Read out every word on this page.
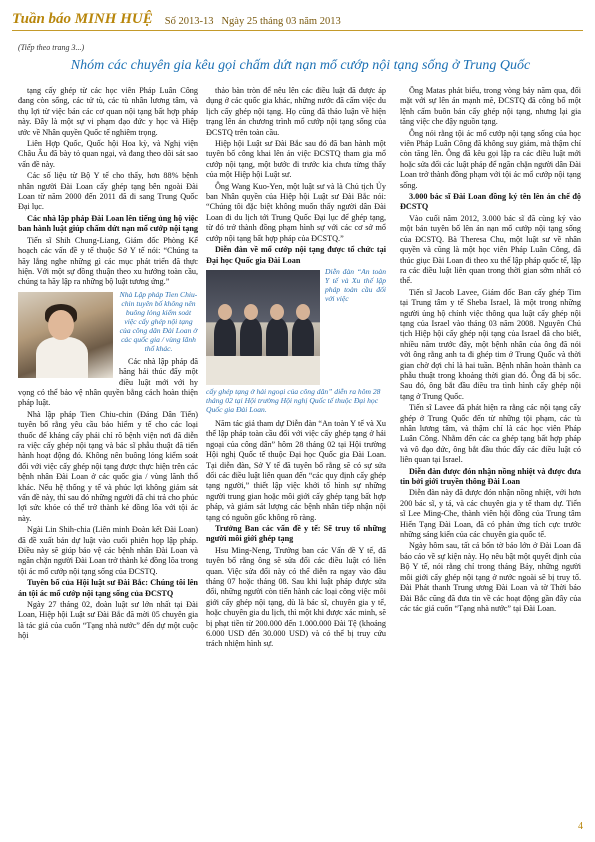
Tuần báo MINH HUỆ Số 2013-13 Ngày 25 tháng 03 năm 2013
(Tiếp theo trang 3...)
Nhóm các chuyên gia kêu gọi chấm dứt nạn mổ cướp nội tạng sống ở Trung Quốc

tạng cấy ghép từ các học viên Pháp Luân Công đang còn sống, các tử tù, các tù nhân lương tâm, và thụ lợi từ việc bán các cơ quan nội tạng bất hợp pháp này. Đây là một sự vi phạm đạo đức y học và Hiệp ước về Nhân quyền Quốc tế nghiêm trọng.

Liên Hợp Quốc, Quốc hội Hoa kỳ, và Nghị viện Châu Âu đã bày tỏ quan ngại, và đang theo dõi sát sao vấn đề này.

Các số liệu từ Bộ Y tế cho thấy, hơn 88% bệnh nhân người Đài Loan cấy ghép tạng bên ngoài Đài Loan từ năm 2000 đến 2011 đã đi sang Trung Quốc Đại lục.

Các nhà lập pháp Đài Loan lên tiếng ủng hộ việc ban hành luật giúp chấm dứt nạn mổ cướp nội tạng

Tiến sĩ Shih Chung-Liang, Giám đốc Phòng Kế hoạch các vấn đề y tế thuộc Sở Y tế nói: “Chúng ta hãy lắng nghe những gì các mục phát triển đã thực hiện. Với một sự đồng thuận theo xu hướng toàn cầu, chúng ta hãy lập ra những bộ luật tương ứng.”

Nhà Lập pháp Tien Chiu-chin tuyên bố không nên buông lỏng kiểm soát việc cấy ghép nội tạng của công dân Đài Loan ở các quốc gia / vùng lãnh thổ khác.

Các nhà lập pháp đã hăng hái thúc đẩy một điều luật mới với hy vọng có thể bảo vệ nhân quyền bằng cách hoàn thiện pháp luật.

Nhà lập pháp Tien Chiu-chin (Đảng Dân Tiến) tuyên bố rằng yêu cầu bảo hiểm y tế cho các loại thuốc để kháng cấy phải chỉ rõ bệnh viện nơi đã diễn ra việc cấy ghép nội tạng và bác sĩ phẫu thuật đã tiến hành hoạt động đó. Không nên buông lỏng kiểm soát đối với việc cấy ghép nội tạng được thực hiện trên các bệnh nhân Đài Loan ở các quốc gia / vùng lãnh thổ khác. Nếu hệ thống y tế và phúc lợi không giám sát vấn đề này, thì sau đó những người đã chi trả cho phúc lợi sức khỏe có thể trở thành kẻ đồng lõa với tội ác này.

Ngài Lin Shih-chia (Liên minh Đoàn kết Đài Loan) đã đề xuất bản dự luật vào cuối phiên họp lập pháp. Điều này sẽ giúp bảo vệ các bệnh nhân Đài Loan và ngăn chặn người Đài Loan trở thành kẻ đồng lõa trong tội ác mổ cướp nội tạng sống của ĐCSTQ.

Tuyên bố của Hội luật sư Đài Bắc: Chúng tôi lên án tội ác mổ cướp nội tạng sống của ĐCSTQ

Ngày 27 tháng 02, đoàn luật sư lớn nhất tại Đài Loan, Hiệp hội Luật sư Đài Bắc đã mời 05 chuyên gia là tác giả của cuốn “Tạng nhà nước” đến dự một cuộc hội

thảo bàn tròn để nêu lên các điều luật đã được áp dụng ở các quốc gia khác, những nước đã cấm việc du lịch cấy ghép nội tạng. Họ cũng đã thảo luận về hiện trạng lên án chương trình mổ cướp nội tạng sống của ĐCSTQ trên toàn cầu.

Hiệp hội Luật sư Đài Bắc sau đó đã ban hành một tuyên bố công khai lên án việc ĐCSTQ tham gia mổ cướp nội tạng, một bước đi trước kia chưa từng thấy của một Hiệp hội Luật sư.

Ông Wang Kuo-Yen, một luật sư và là Chủ tịch Ủy ban Nhân quyền của Hiệp hội Luật sư Đài Bắc nói: “Chúng tôi đặc biệt không muốn thấy người dân Đài Loan đi du lịch tới Trung Quốc Đại lục để ghép tạng, từ đó trở thành đồng phạm hình sự với các cơ sở mổ cướp nội tạng bất hợp pháp của ĐCSTQ.”

Diễn đàn về mổ cướp nội tạng được tổ chức tại Đại học Quốc gia Đài Loan

Diễn đàn “An toàn Y tế và Xu thế lập pháp toàn cầu đối với việc
cấy ghép tạng ở hải ngoại của công dân” diễn ra hôm 28 tháng 02 tại Hội trường Hội nghị Quốc tế thuộc Đại học Quốc gia Đài Loan.

Năm tác giả tham dự Diễn đàn “An toàn Y tế và Xu thế lập pháp toàn cầu đối với việc cấy ghép tạng ở hải ngoại của công dân” hôm 28 tháng 02 tại Hội trường Hội nghị Quốc tế thuộc Đại học Quốc gia Đài Loan. Tại diễn đàn, Sở Y tế đã tuyên bố rằng sẽ có sự sửa đổi các điều luật liên quan đến “các quy định cấy ghép tạng người,” thiết lập việc khởi tố hình sự những người trung gian hoặc môi giới cấy ghép tạng bất hợp pháp, và giám sát lượng các bệnh nhân tiếp nhận nội tạng có nguồn gốc không rõ ràng.

Trưởng Ban các vấn đề y tế: Sẽ truy tố những người môi giới ghép tạng

Hsu Ming-Neng, Trưởng ban các Vấn đề Y tế, đã tuyên bố rằng ông sẽ sửa đổi các điều luật có liên quan. Việc sửa đổi này có thể diễn ra ngay vào đầu tháng 07 hoặc tháng 08. Sau khi luật pháp được sửa đổi, những người còn tiến hành các loại công việc môi giới cấy ghép nội tạng, dù là bác sĩ, chuyên gia y tế, hoặc chuyên gia du lịch, thì một khi được xác minh, sẽ bị phạt tiền từ 200.000 đến 1.000.000 Đài Tệ (khoảng 6.000 USD đến 30.000 USD) và có thể bị truy cứu trách nhiệm hình sự.

Ông Matas phát biểu, trong vòng bảy năm qua, đối mặt với sự lên án mạnh mẽ, ĐCSTQ đã công bố một lệnh cấm buôn bán cấy ghép nội tạng, nhưng lại gia tăng việc che đậy nguồn tạng.

Ông nói rằng tội ác mổ cướp nội tạng sống của học viên Pháp Luân Công đã không suy giảm, mà thậm chí còn tăng lên. Ông đã kêu gọi lập ra các điều luật mới hoặc sửa đổi các luật pháp để ngăn chặn người dân Đài Loan trở thành đồng phạm với tội ác mổ cướp nội tạng sống.

3.000 bác sĩ Đài Loan đồng ký tên lên án chế độ ĐCSTQ

Vào cuối năm 2012, 3.000 bác sĩ đã cùng ký vào một bản tuyên bố lên án nạn mổ cướp nội tạng sống của ĐCSTQ. Bà Theresa Chu, một luật sư về nhân quyền và cũng là một học viên Pháp Luân Công, đã thúc giục Đài Loan đi theo xu thế lập pháp quốc tế, lập ra các điều luật liên quan trong thời gian sớm nhất có thể.

Tiến sĩ Jacob Lavee, Giám đốc Ban cấy ghép Tim tại Trung tâm y tế Sheba Israel, là một trong những người ủng hộ chính việc thông qua luật cấy ghép nội tạng của Israel vào tháng 03 năm 2008. Nguyên Chủ tịch Hiệp hội cấy ghép nội tạng của Israel đã cho biết, nhiều năm trước đây, một bệnh nhân của ông đã nói với ông rằng anh ta đi ghép tim ở Trung Quốc và thời gian chờ đợi chỉ là hai tuần. Bệnh nhân hoàn thành ca phẫu thuật trong khoảng thời gian đó. Ông đã bị sốc. Sau đó, ông bắt đầu điều tra tình hình cấy ghép nội tạng ở Trung Quốc.

Tiến sĩ Lavee đã phát hiện ra rằng các nội tạng cấy ghép ở Trung Quốc đến từ những tội phạm, các tù nhân lương tâm, và thậm chí là các học viên Pháp Luân Công. Nhằm đến các ca ghép tạng bất hợp pháp và vô đạo đức, ông bắt đầu thúc đẩy các điều luật có liên quan tại Israel.

Diễn đàn được đón nhận nồng nhiệt và được đưa tin bởi giới truyền thông Đài Loan

Diễn đàn này đã được đón nhận nồng nhiệt, với hơn 200 bác sĩ, y tá, và các chuyên gia y tế tham dự. Tiến sĩ Lee Ming-Che, thành viên hội đồng của Trung tâm Hiến Tạng Đài Loan, đã có phản ứng tích cực trước những sáng kiến của các chuyên gia quốc tế.

Ngày hôm sau, tất cả bốn tờ báo lớn ở Đài Loan đã báo cáo về sự kiện này. Họ nêu bật một quyết định của Bộ Y tế, nói rằng chỉ trong tháng Bảy, những người môi giới cấy ghép nội tạng ở nước ngoài sẽ bị truy tố. Đài Phát thanh Trung ương Đài Loan và tờ Thời báo Đài Bắc cũng đã đưa tin về các hoạt động gần đây của các tác giả cuốn “Tạng nhà nước” tại Đài Loan.

4
